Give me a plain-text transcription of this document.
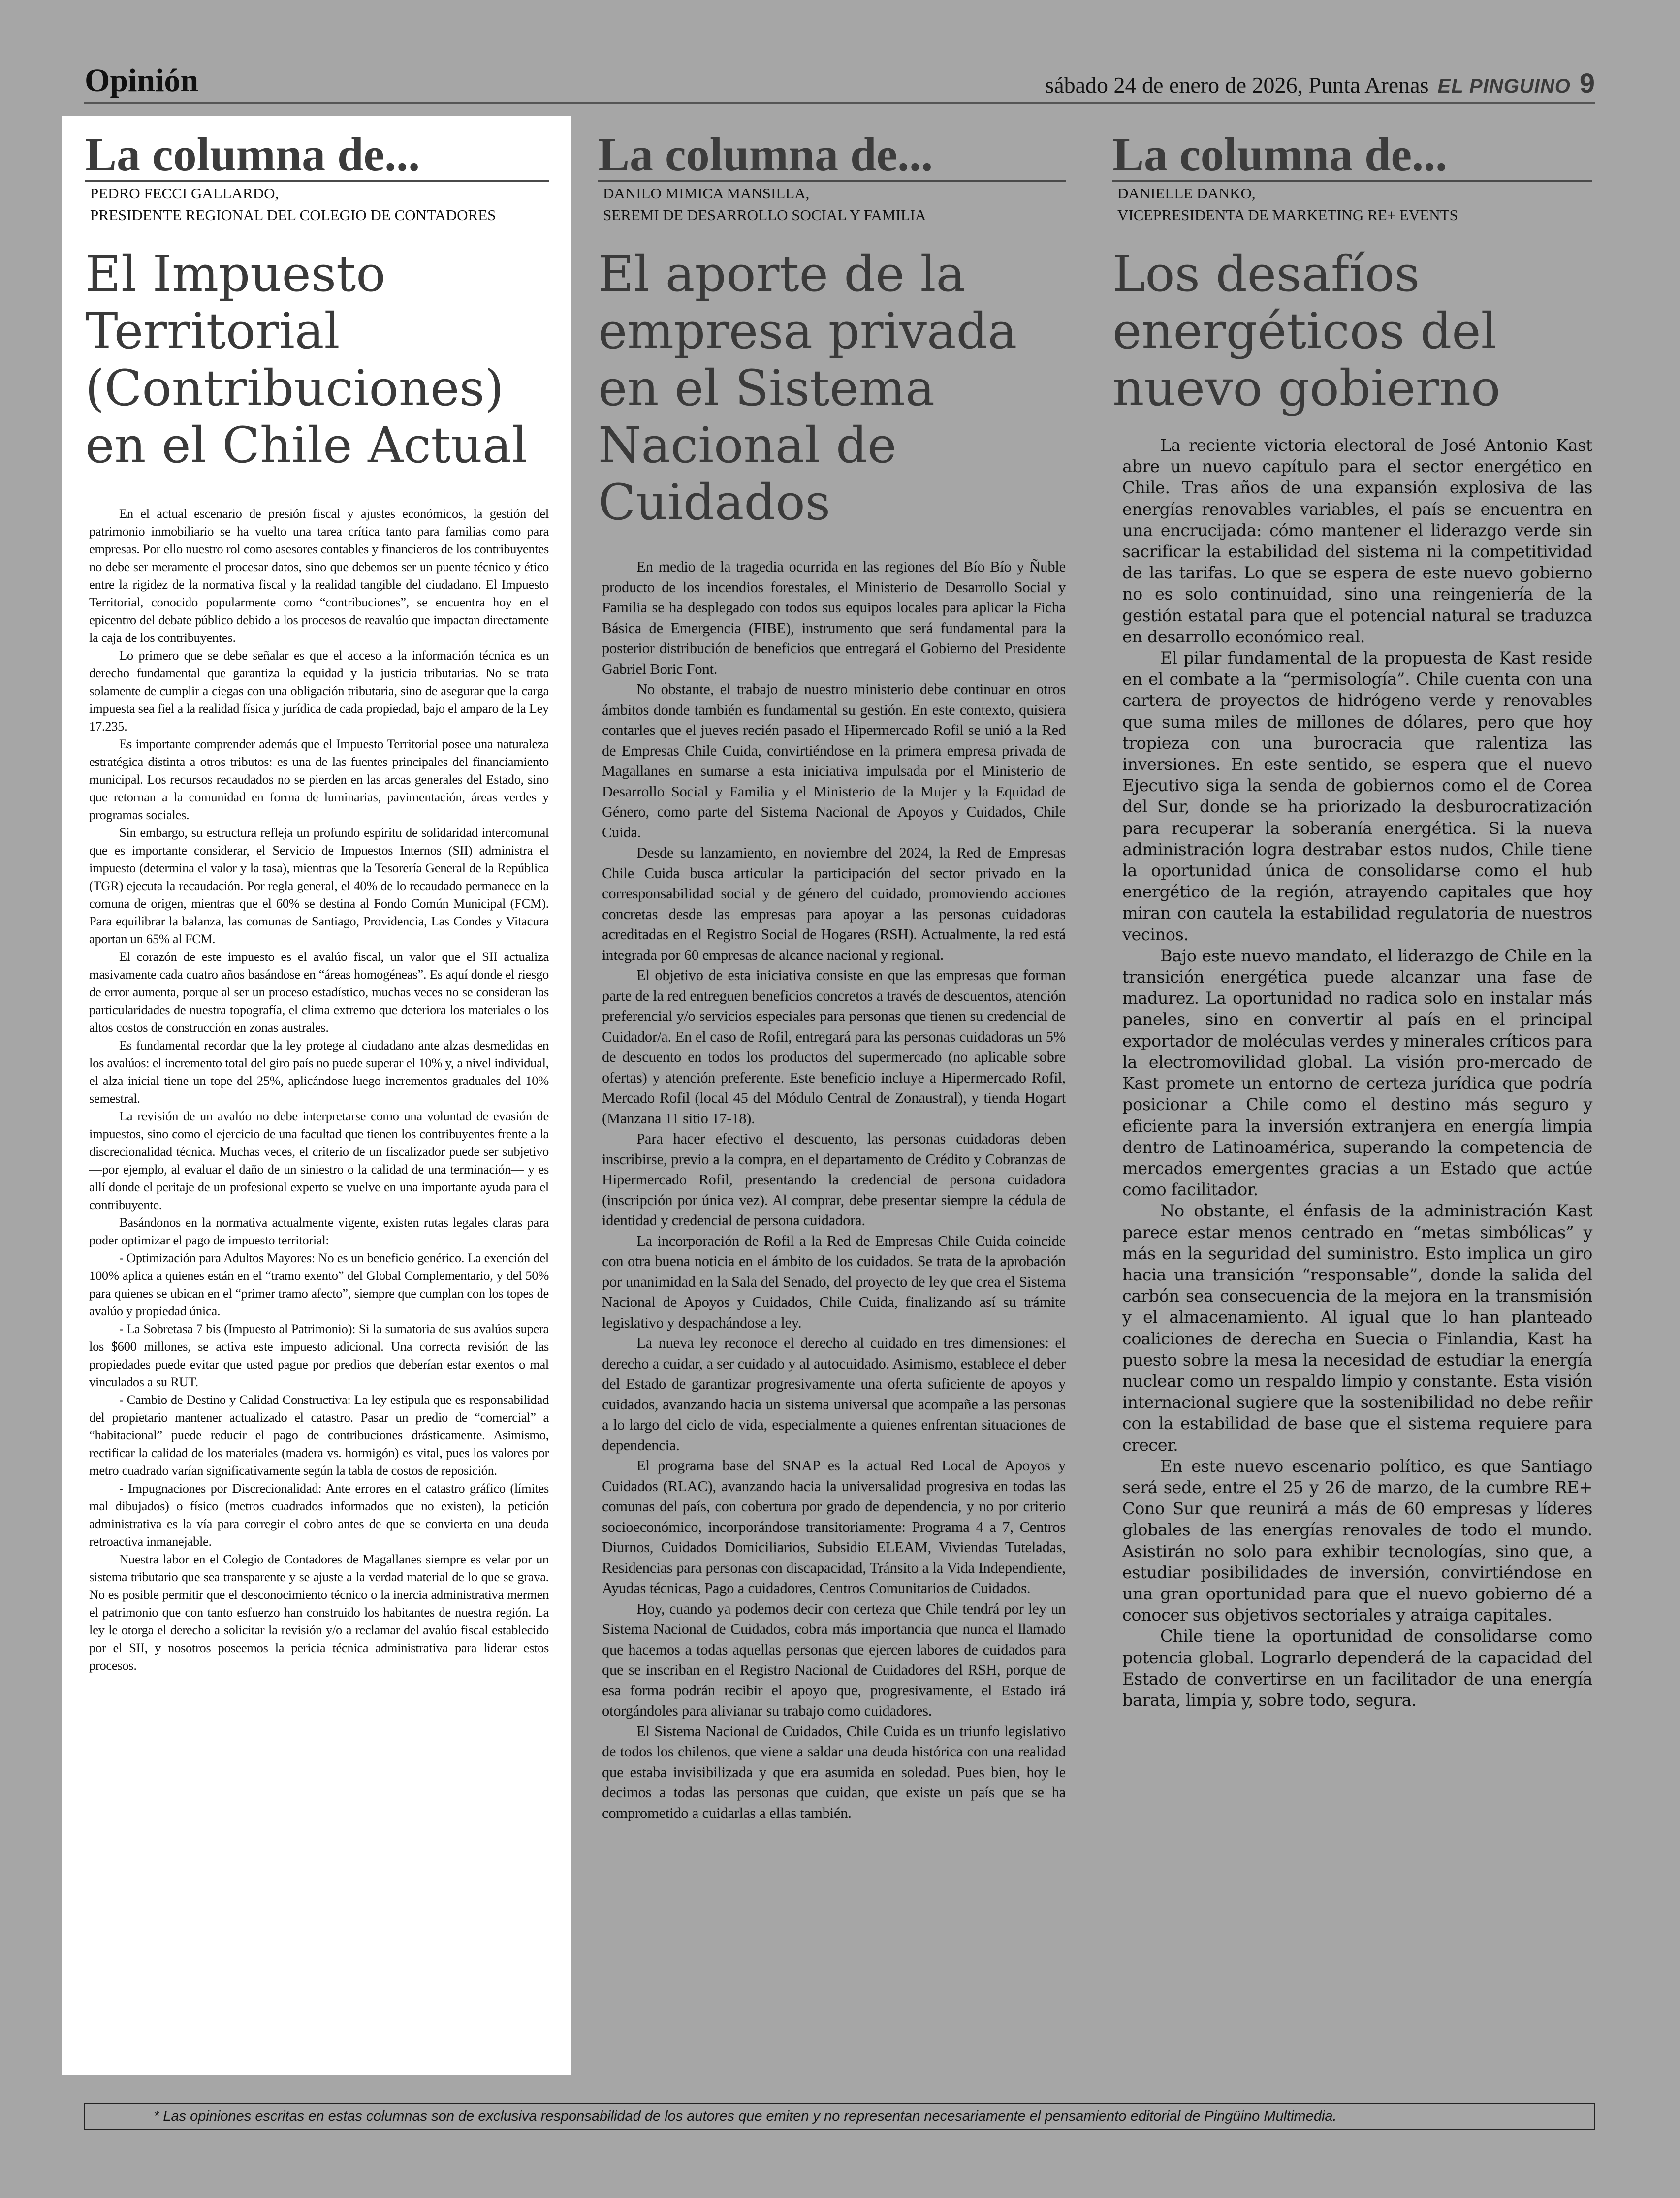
Opinión	sábado 24 de enero de 2026, Punta Arenas EL PINGUINO 9
La columna de...
PEDRO FECCI GALLARDO,
PRESIDENTE REGIONAL DEL COLEGIO DE CONTADORES
El Impuesto Territorial (Contribuciones) en el Chile Actual

En el actual escenario de presión fiscal y ajustes económicos, la gestión del patrimonio inmobiliario se ha vuelto una tarea crítica tanto para familias como para empresas. Por ello nuestro rol como asesores contables y financieros de los contribuyentes no debe ser meramente el procesar datos, sino que debemos ser un puente técnico y ético entre la rigidez de la normativa fiscal y la realidad tangible del ciudadano. El Impuesto Territorial, conocido popularmente como “contribuciones”, se encuentra hoy en el epicentro del debate público debido a los procesos de reavalúo que impactan directamente la caja de los contribuyentes.

Lo primero que se debe señalar es que el acceso a la información técnica es un derecho fundamental que garantiza la equidad y la justicia tributarias. No se trata solamente de cumplir a ciegas con una obligación tributaria, sino de asegurar que la carga impuesta sea fiel a la realidad física y jurídica de cada propiedad, bajo el amparo de la Ley 17.235.

Es importante comprender además que el Impuesto Territorial posee una naturaleza estratégica distinta a otros tributos: es una de las fuentes principales del financiamiento municipal. Los recursos recaudados no se pierden en las arcas generales del Estado, sino que retornan a la comunidad en forma de luminarias, pavimentación, áreas verdes y programas sociales.

Sin embargo, su estructura refleja un profundo espíritu de solidaridad intercomunal que es importante considerar, el Servicio de Impuestos Internos (SII) administra el impuesto (determina el valor y la tasa), mientras que la Tesorería General de la República (TGR) ejecuta la recaudación. Por regla general, el 40% de lo recaudado permanece en la comuna de origen, mientras que el 60% se destina al Fondo Común Municipal (FCM). Para equilibrar la balanza, las comunas de Santiago, Providencia, Las Condes y Vitacura aportan un 65% al FCM.

El corazón de este impuesto es el avalúo fiscal, un valor que el SII actualiza masivamente cada cuatro años basándose en “áreas homogéneas”. Es aquí donde el riesgo de error aumenta, porque al ser un proceso estadístico, muchas veces no se consideran las particularidades de nuestra topografía, el clima extremo que deteriora los materiales o los altos costos de construcción en zonas australes.

Es fundamental recordar que la ley protege al ciudadano ante alzas desmedidas en los avalúos: el incremento total del giro país no puede superar el 10% y, a nivel individual, el alza inicial tiene un tope del 25%, aplicándose luego incrementos graduales del 10% semestral.

La revisión de un avalúo no debe interpretarse como una voluntad de evasión de impuestos, sino como el ejercicio de una facultad que tienen los contribuyentes frente a la discrecionalidad técnica. Muchas veces, el criterio de un fiscalizador puede ser subjetivo —por ejemplo, al evaluar el daño de un siniestro o la calidad de una terminación— y es allí donde el peritaje de un profesional experto se vuelve en una importante ayuda para el contribuyente.

Basándonos en la normativa actualmente vigente, existen rutas legales claras para poder optimizar el pago de impuesto territorial:

- Optimización para Adultos Mayores: No es un beneficio genérico. La exención del 100% aplica a quienes están en el “tramo exento” del Global Complementario, y del 50% para quienes se ubican en el “primer tramo afecto”, siempre que cumplan con los topes de avalúo y propiedad única.

- La Sobretasa 7 bis (Impuesto al Patrimonio): Si la sumatoria de sus avalúos supera los $600 millones, se activa este impuesto adicional. Una correcta revisión de las propiedades puede evitar que usted pague por predios que deberían estar exentos o mal vinculados a su RUT.

- Cambio de Destino y Calidad Constructiva: La ley estipula que es responsabilidad del propietario mantener actualizado el catastro. Pasar un predio de “comercial” a “habitacional” puede reducir el pago de contribuciones drásticamente. Asimismo, rectificar la calidad de los materiales (madera vs. hormigón) es vital, pues los valores por metro cuadrado varían significativamente según la tabla de costos de reposición.

- Impugnaciones por Discrecionalidad: Ante errores en el catastro gráfico (límites mal dibujados) o físico (metros cuadrados informados que no existen), la petición administrativa es la vía para corregir el cobro antes de que se convierta en una deuda retroactiva inmanejable.

Nuestra labor en el Colegio de Contadores de Magallanes siempre es velar por un sistema tributario que sea transparente y se ajuste a la verdad material de lo que se grava. No es posible permitir que el desconocimiento técnico o la inercia administrativa mermen el patrimonio que con tanto esfuerzo han construido los habitantes de nuestra región. La ley le otorga el derecho a solicitar la revisión y/o a reclamar del avalúo fiscal establecido por el SII, y nosotros poseemos la pericia técnica administrativa para liderar estos procesos.

La columna de...
DANILO MIMICA MANSILLA,
SEREMI DE DESARROLLO SOCIAL Y FAMILIA
El aporte de la empresa privada en el Sistema Nacional de Cuidados

En medio de la tragedia ocurrida en las regiones del Bío Bío y Ñuble producto de los incendios forestales, el Ministerio de Desarrollo Social y Familia se ha desplegado con todos sus equipos locales para aplicar la Ficha Básica de Emergencia (FIBE), instrumento que será fundamental para la posterior distribución de beneficios que entregará el Gobierno del Presidente Gabriel Boric Font.

No obstante, el trabajo de nuestro ministerio debe continuar en otros ámbitos donde también es fundamental su gestión. En este contexto, quisiera contarles que el jueves recién pasado el Hipermercado Rofil se unió a la Red de Empresas Chile Cuida, convirtiéndose en la primera empresa privada de Magallanes en sumarse a esta iniciativa impulsada por el Ministerio de Desarrollo Social y Familia y el Ministerio de la Mujer y la Equidad de Género, como parte del Sistema Nacional de Apoyos y Cuidados, Chile Cuida.

Desde su lanzamiento, en noviembre del 2024, la Red de Empresas Chile Cuida busca articular la participación del sector privado en la corresponsabilidad social y de género del cuidado, promoviendo acciones concretas desde las empresas para apoyar a las personas cuidadoras acreditadas en el Registro Social de Hogares (RSH). Actualmente, la red está integrada por 60 empresas de alcance nacional y regional.

El objetivo de esta iniciativa consiste en que las empresas que forman parte de la red entreguen beneficios concretos a través de descuentos, atención preferencial y/o servicios especiales para personas que tienen su credencial de Cuidador/a. En el caso de Rofil, entregará para las personas cuidadoras un 5% de descuento en todos los productos del supermercado (no aplicable sobre ofertas) y atención preferente. Este beneficio incluye a Hipermercado Rofil, Mercado Rofil (local 45 del Módulo Central de Zonaustral), y tienda Hogart (Manzana 11 sitio 17-18).

Para hacer efectivo el descuento, las personas cuidadoras deben inscribirse, previo a la compra, en el departamento de Crédito y Cobranzas de Hipermercado Rofil, presentando la credencial de persona cuidadora (inscripción por única vez). Al comprar, debe presentar siempre la cédula de identidad y credencial de persona cuidadora.

La incorporación de Rofil a la Red de Empresas Chile Cuida coincide con otra buena noticia en el ámbito de los cuidados. Se trata de la aprobación por unanimidad en la Sala del Senado, del proyecto de ley que crea el Sistema Nacional de Apoyos y Cuidados, Chile Cuida, finalizando así su trámite legislativo y despachándose a ley.

La nueva ley reconoce el derecho al cuidado en tres dimensiones: el derecho a cuidar, a ser cuidado y al autocuidado. Asimismo, establece el deber del Estado de garantizar progresivamente una oferta suficiente de apoyos y cuidados, avanzando hacia un sistema universal que acompañe a las personas a lo largo del ciclo de vida, especialmente a quienes enfrentan situaciones de dependencia.

El programa base del SNAP es la actual Red Local de Apoyos y Cuidados (RLAC), avanzando hacia la universalidad progresiva en todas las comunas del país, con cobertura por grado de dependencia, y no por criterio socioeconómico, incorporándose transitoriamente: Programa 4 a 7, Centros Diurnos, Cuidados Domiciliarios, Subsidio ELEAM, Viviendas Tuteladas, Residencias para personas con discapacidad, Tránsito a la Vida Independiente, Ayudas técnicas, Pago a cuidadores, Centros Comunitarios de Cuidados.

Hoy, cuando ya podemos decir con certeza que Chile tendrá por ley un Sistema Nacional de Cuidados, cobra más importancia que nunca el llamado que hacemos a todas aquellas personas que ejercen labores de cuidados para que se inscriban en el Registro Nacional de Cuidadores del RSH, porque de esa forma podrán recibir el apoyo que, progresivamente, el Estado irá otorgándoles para alivianar su trabajo como cuidadores.

El Sistema Nacional de Cuidados, Chile Cuida es un triunfo legislativo de todos los chilenos, que viene a saldar una deuda histórica con una realidad que estaba invisibilizada y que era asumida en soledad. Pues bien, hoy le decimos a todas las personas que cuidan, que existe un país que se ha comprometido a cuidarlas a ellas también.

La columna de...
DANIELLE DANKO,
VICEPRESIDENTA DE MARKETING RE+ EVENTS
Los desafíos energéticos del nuevo gobierno

La reciente victoria electoral de José Antonio Kast abre un nuevo capítulo para el sector energético en Chile. Tras años de una expansión explosiva de las energías renovables variables, el país se encuentra en una encrucijada: cómo mantener el liderazgo verde sin sacrificar la estabilidad del sistema ni la competitividad de las tarifas. Lo que se espera de este nuevo gobierno no es solo continuidad, sino una reingeniería de la gestión estatal para que el potencial natural se traduzca en desarrollo económico real.

El pilar fundamental de la propuesta de Kast reside en el combate a la “permisología”. Chile cuenta con una cartera de proyectos de hidrógeno verde y renovables que suma miles de millones de dólares, pero que hoy tropieza con una burocracia que ralentiza las inversiones. En este sentido, se espera que el nuevo Ejecutivo siga la senda de gobiernos como el de Corea del Sur, donde se ha priorizado la desburocratización para recuperar la soberanía energética. Si la nueva administración logra destrabar estos nudos, Chile tiene la oportunidad única de consolidarse como el hub energético de la región, atrayendo capitales que hoy miran con cautela la estabilidad regulatoria de nuestros vecinos.

Bajo este nuevo mandato, el liderazgo de Chile en la transición energética puede alcanzar una fase de madurez. La oportunidad no radica solo en instalar más paneles, sino en convertir al país en el principal exportador de moléculas verdes y minerales críticos para la electromovilidad global. La visión pro-mercado de Kast promete un entorno de certeza jurídica que podría posicionar a Chile como el destino más seguro y eficiente para la inversión extranjera en energía limpia dentro de Latinoamérica, superando la competencia de mercados emergentes gracias a un Estado que actúe como facilitador.

No obstante, el énfasis de la administración Kast parece estar menos centrado en “metas simbólicas” y más en la seguridad del suministro. Esto implica un giro hacia una transición “responsable”, donde la salida del carbón sea consecuencia de la mejora en la transmisión y el almacenamiento. Al igual que lo han planteado coaliciones de derecha en Suecia o Finlandia, Kast ha puesto sobre la mesa la necesidad de estudiar la energía nuclear como un respaldo limpio y constante. Esta visión internacional sugiere que la sostenibilidad no debe reñir con la estabilidad de base que el sistema requiere para crecer.

En este nuevo escenario político, es que Santiago será sede, entre el 25 y 26 de marzo, de la cumbre RE+ Cono Sur que reunirá a más de 60 empresas y líderes globales de las energías renovales de todo el mundo. Asistirán no solo para exhibir tecnologías, sino que, a estudiar posibilidades de inversión, convirtiéndose en una gran oportunidad para que el nuevo gobierno dé a conocer sus objetivos sectoriales y atraiga capitales.

Chile tiene la oportunidad de consolidarse como potencia global. Lograrlo dependerá de la capacidad del Estado de convertirse en un facilitador de una energía barata, limpia y, sobre todo, segura.

* Las opiniones escritas en estas columnas son de exclusiva responsabilidad de los autores que emiten y no representan necesariamente el pensamiento editorial de Pingüino Multimedia.
